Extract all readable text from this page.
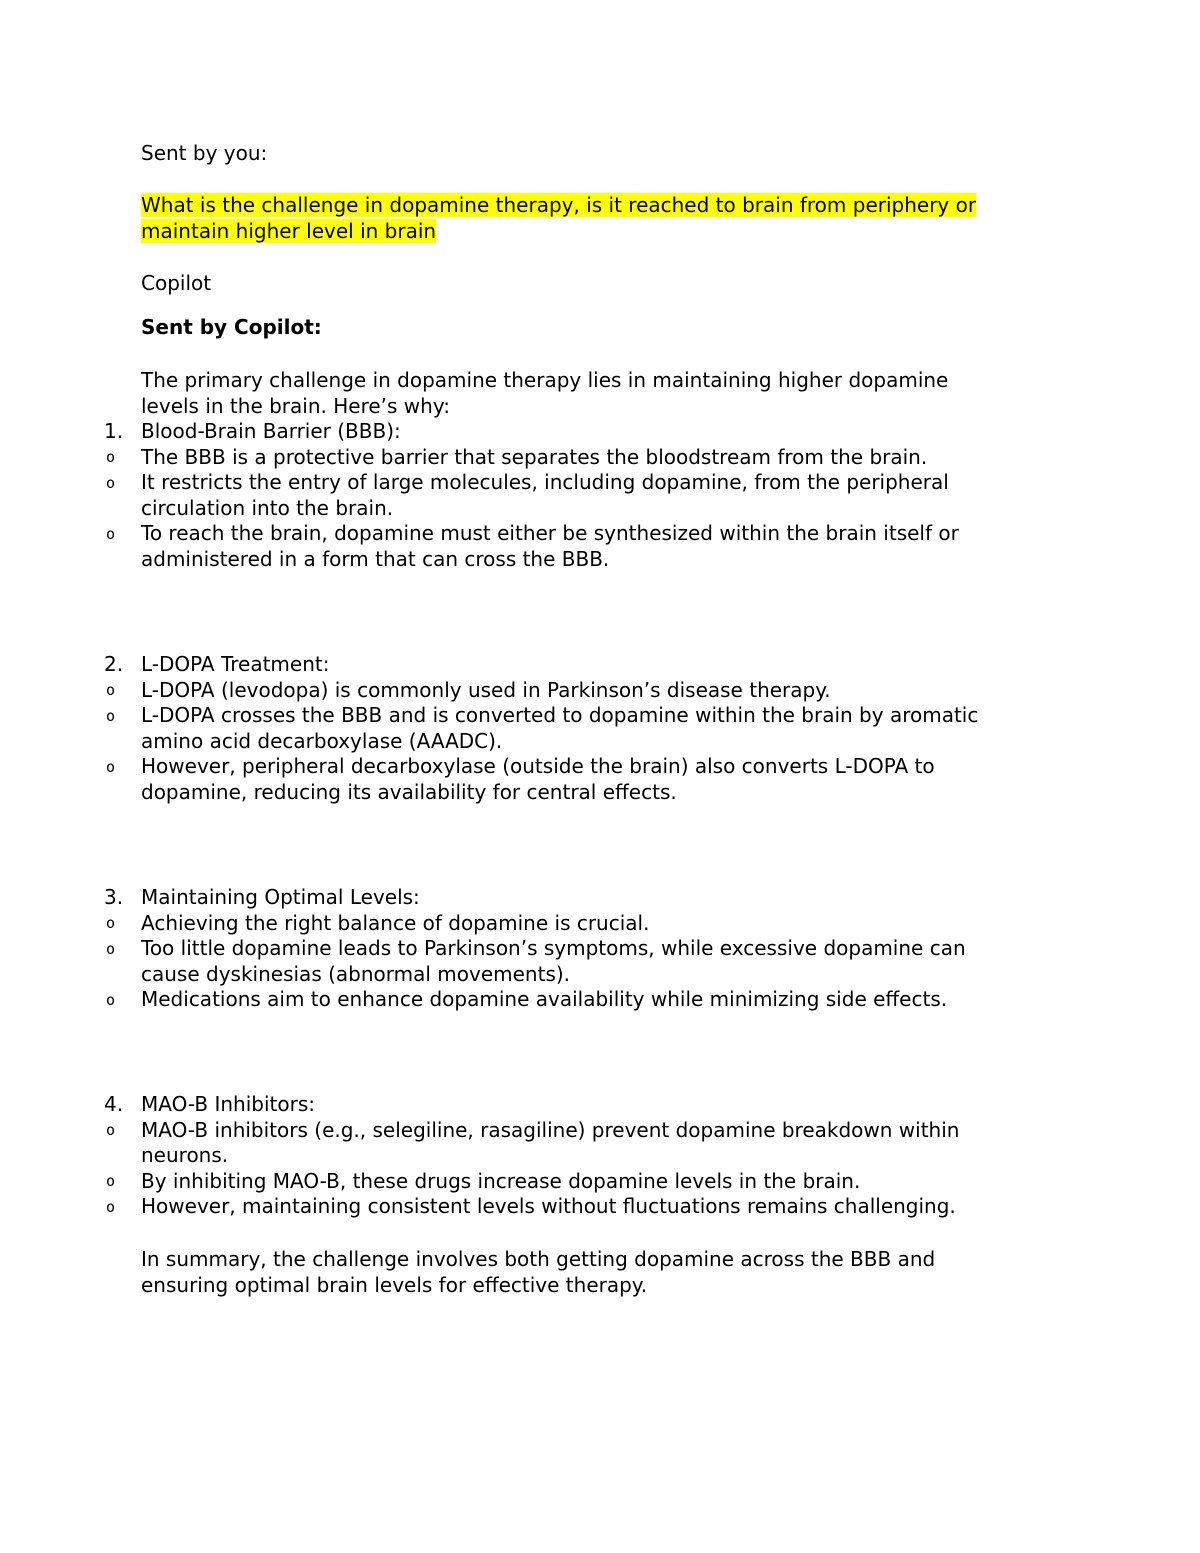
Sent by you:
What is the challenge in dopamine therapy, is it reached to brain from periphery or
maintain higher level in brain
Copilot
Sent by Copilot:
The primary challenge in dopamine therapy lies in maintaining higher dopamine
levels in the brain. Here’s why:
1. Blood-Brain Barrier (BBB):
o The BBB is a protective barrier that separates the bloodstream from the brain.
o It restricts the entry of large molecules, including dopamine, from the peripheral
circulation into the brain.
o To reach the brain, dopamine must either be synthesized within the brain itself or
administered in a form that can cross the BBB.
2. L-DOPA Treatment:
o L-DOPA (levodopa) is commonly used in Parkinson’s disease therapy.
o L-DOPA crosses the BBB and is converted to dopamine within the brain by aromatic
amino acid decarboxylase (AAADC).
o However, peripheral decarboxylase (outside the brain) also converts L-DOPA to
dopamine, reducing its availability for central effects.
3. Maintaining Optimal Levels:
o Achieving the right balance of dopamine is crucial.
o Too little dopamine leads to Parkinson’s symptoms, while excessive dopamine can
cause dyskinesias (abnormal movements).
o Medications aim to enhance dopamine availability while minimizing side effects.
4. MAO-B Inhibitors:
o MAO-B inhibitors (e.g., selegiline, rasagiline) prevent dopamine breakdown within
neurons.
o By inhibiting MAO-B, these drugs increase dopamine levels in the brain.
o However, maintaining consistent levels without fluctuations remains challenging.
In summary, the challenge involves both getting dopamine across the BBB and
ensuring optimal brain levels for effective therapy.
